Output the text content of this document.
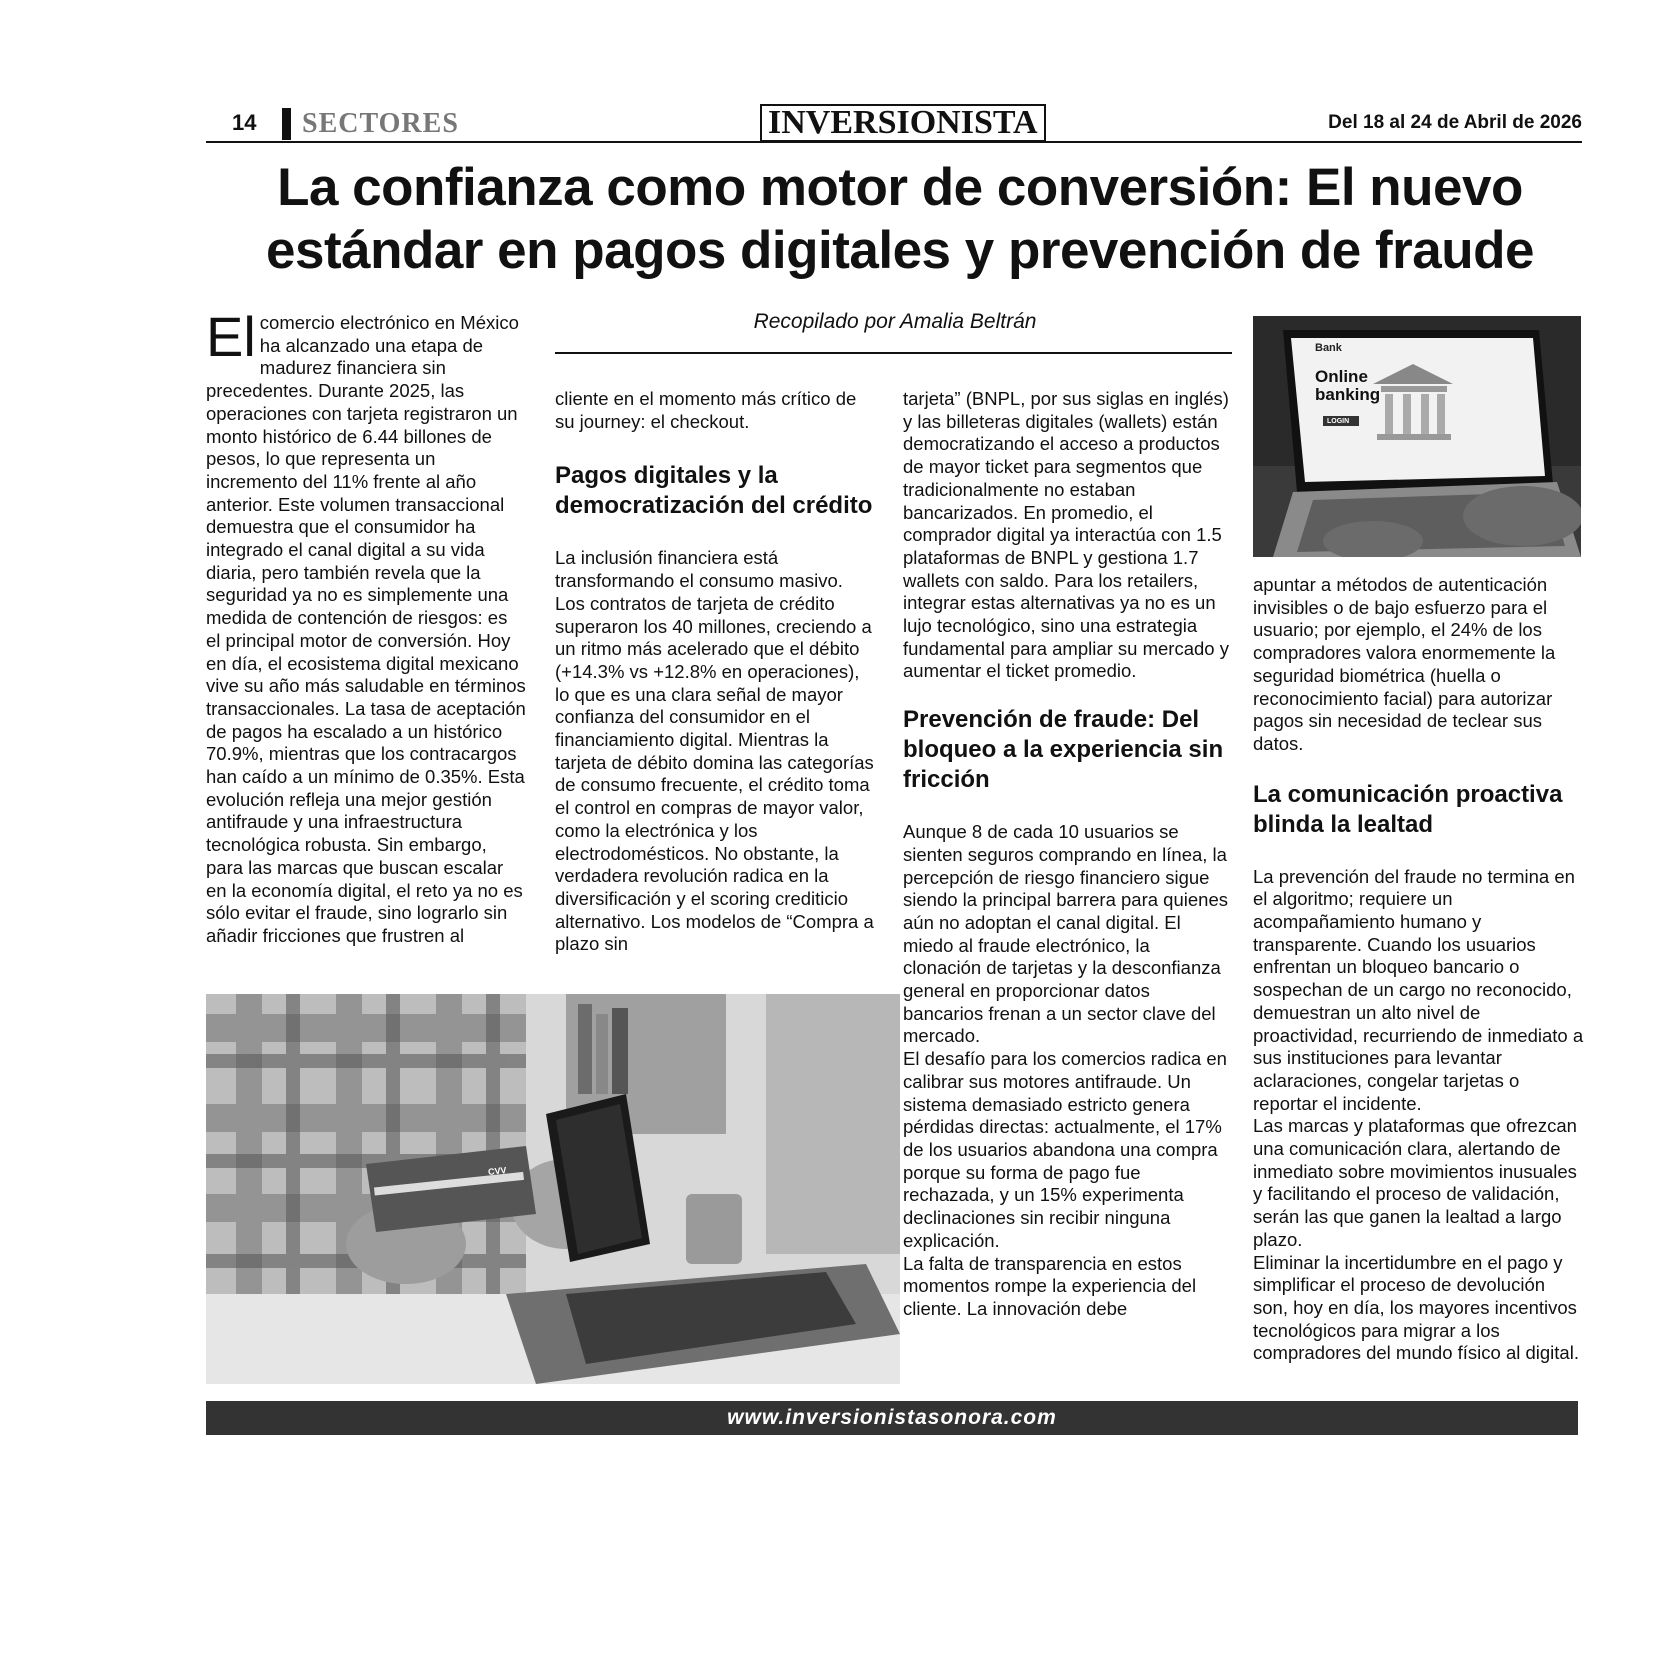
14 SECTORES	INVERSIONISTA	Del 18 al 24 de Abril de 2026
La confianza como motor de conversión: El nuevo estándar en pagos digitales y prevención de fraude
Recopilado por Amalia Beltrán

El comercio electrónico en México ha alcanzado una etapa de madurez financiera sin precedentes. Durante 2025, las operaciones con tarjeta registraron un monto histórico de 6.44 billones de pesos, lo que representa un incremento del 11% frente al año anterior. Este volumen transaccional demuestra que el consumidor ha integrado el canal digital a su vida diaria, pero también revela que la seguridad ya no es simplemente una medida de contención de riesgos: es el principal motor de conversión. Hoy en día, el ecosistema digital mexicano vive su año más saludable en términos transaccionales. La tasa de aceptación de pagos ha escalado a un histórico 70.9%, mientras que los contracargos han caído a un mínimo de 0.35%. Esta evolución refleja una mejor gestión antifraude y una infraestructura tecnológica robusta. Sin embargo, para las marcas que buscan escalar en la economía digital, el reto ya no es sólo evitar el fraude, sino lograrlo sin añadir fricciones que frustren al

cliente en el momento más crítico de su journey: el checkout.

Pagos digitales y la democratización del crédito

La inclusión financiera está transformando el consumo masivo. Los contratos de tarjeta de crédito superaron los 40 millones, creciendo a un ritmo más acelerado que el débito (+14.3% vs +12.8% en operaciones), lo que es una clara señal de mayor confianza del consumidor en el financiamiento digital. Mientras la tarjeta de débito domina las categorías de consumo frecuente, el crédito toma el control en compras de mayor valor, como la electrónica y los electrodomésticos. No obstante, la verdadera revolución radica en la diversificación y el scoring crediticio alternativo. Los modelos de “Compra a plazo sin

tarjeta” (BNPL, por sus siglas en inglés) y las billeteras digitales (wallets) están democratizando el acceso a productos de mayor ticket para segmentos que tradicionalmente no estaban bancarizados. En promedio, el comprador digital ya interactúa con 1.5 plataformas de BNPL y gestiona 1.7 wallets con saldo. Para los retailers, integrar estas alternativas ya no es un lujo tecnológico, sino una estrategia fundamental para ampliar su mercado y aumentar el ticket promedio.

Prevención de fraude: Del bloqueo a la experiencia sin fricción

Aunque 8 de cada 10 usuarios se sienten seguros comprando en línea, la percepción de riesgo financiero sigue siendo la principal barrera para quienes aún no adoptan el canal digital. El miedo al fraude electrónico, la clonación de tarjetas y la desconfianza general en proporcionar datos bancarios frenan a un sector clave del mercado.

El desafío para los comercios radica en calibrar sus motores antifraude. Un sistema demasiado estricto genera pérdidas directas: actualmente, el 17% de los usuarios abandona una compra porque su forma de pago fue rechazada, y un 15% experimenta declinaciones sin recibir ninguna explicación.

La falta de transparencia en estos momentos rompe la experiencia del cliente. La innovación debe

apuntar a métodos de autenticación invisibles o de bajo esfuerzo para el usuario; por ejemplo, el 24% de los compradores valora enormemente la seguridad biométrica (huella o reconocimiento facial) para autorizar pagos sin necesidad de teclear sus datos.

La comunicación proactiva blinda la lealtad

La prevención del fraude no termina en el algoritmo; requiere un acompañamiento humano y transparente. Cuando los usuarios enfrentan un bloqueo bancario o sospechan de un cargo no reconocido, demuestran un alto nivel de proactividad, recurriendo de inmediato a sus instituciones para levantar aclaraciones, congelar tarjetas o reportar el incidente.

Las marcas y plataformas que ofrezcan una comunicación clara, alertando de inmediato sobre movimientos inusuales y facilitando el proceso de validación, serán las que ganen la lealtad a largo plazo.

Eliminar la incertidumbre en el pago y simplificar el proceso de devolución son, hoy en día, los mayores incentivos tecnológicos para migrar a los compradores del mundo físico al digital.

Bank
Online
banking
LOGIN
CVV
www.inversionistasonora.com
